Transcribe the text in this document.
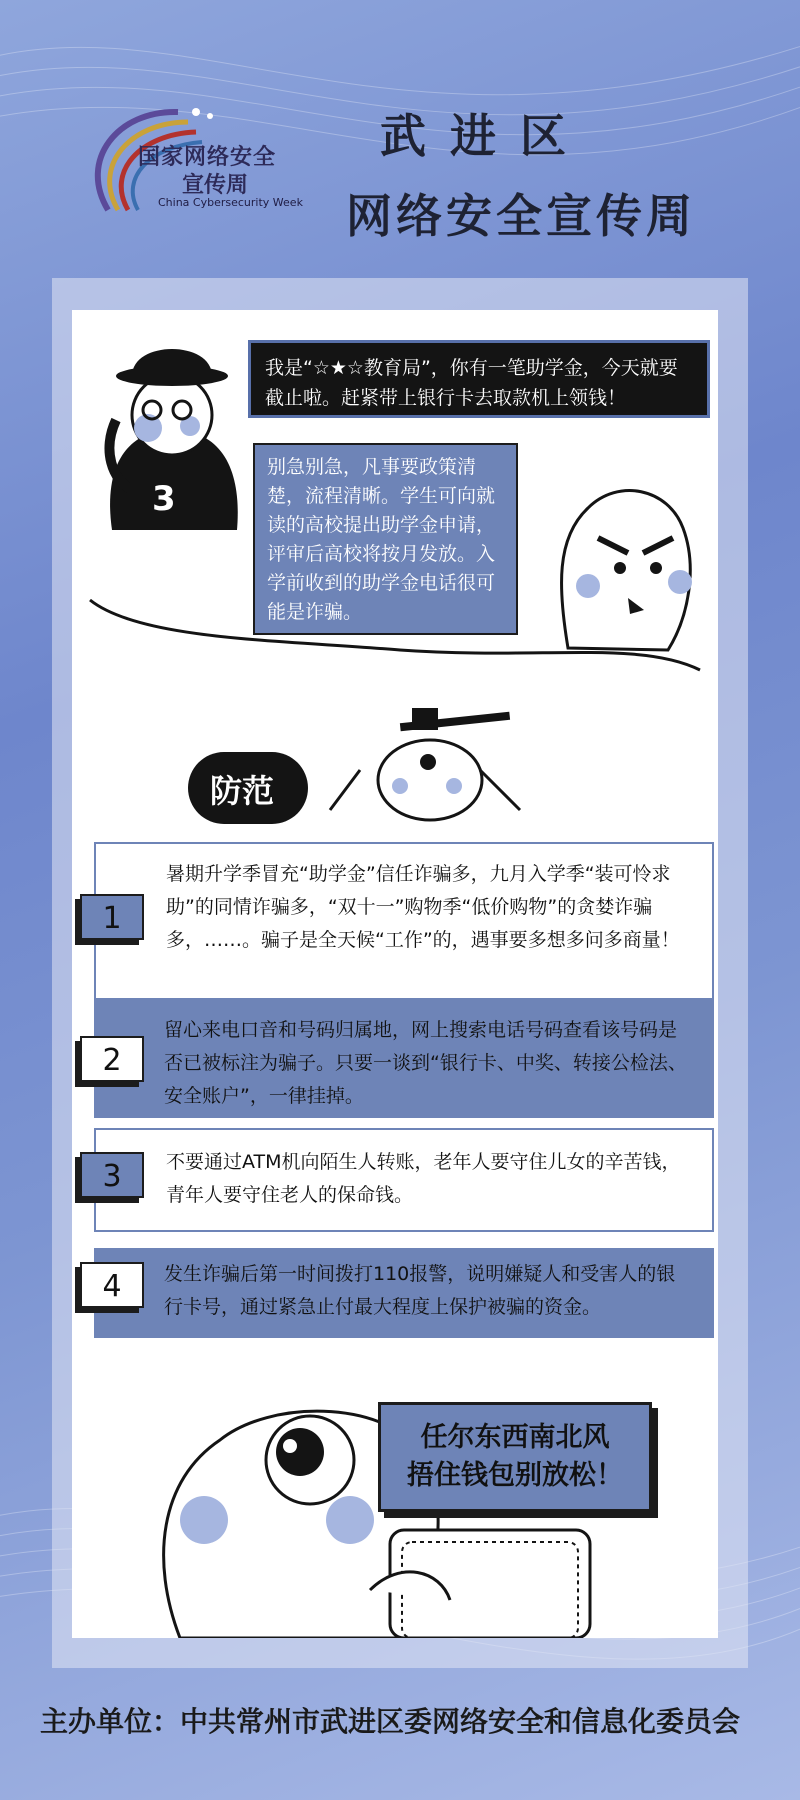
国家网络安全
宣传周
China Cybersecurity Week
武进区
网络安全宣传周
3

我是“☆★☆教育局”，你有一笔助学金，今天就要截止啦。赶紧带上银行卡去取款机上领钱！

别急别急，凡事要政策清楚，流程清晰。学生可向就读的高校提出助学金申请，评审后高校将按月发放。入学前收到的助学金电话很可能是诈骗。

防范

暑期升学季冒充“助学金”信任诈骗多，九月入学季“装可怜求助”的同情诈骗多，“双十一”购物季“低价购物”的贪婪诈骗多，……。骗子是全天候“工作”的，遇事要多想多问多商量！

1

留心来电口音和号码归属地，网上搜索电话号码查看该号码是否已被标注为骗子。只要一谈到“银行卡、中奖、转接公检法、安全账户”，一律挂掉。

2

不要通过ATM机向陌生人转账，老年人要守住儿女的辛苦钱，青年人要守住老人的保命钱。

3

发生诈骗后第一时间拨打110报警，说明嫌疑人和受害人的银行卡号，通过紧急止付最大程度上保护被骗的资金。

4
任尔东西南北风
捂住钱包别放松！
主办单位：中共常州市武进区委网络安全和信息化委员会
